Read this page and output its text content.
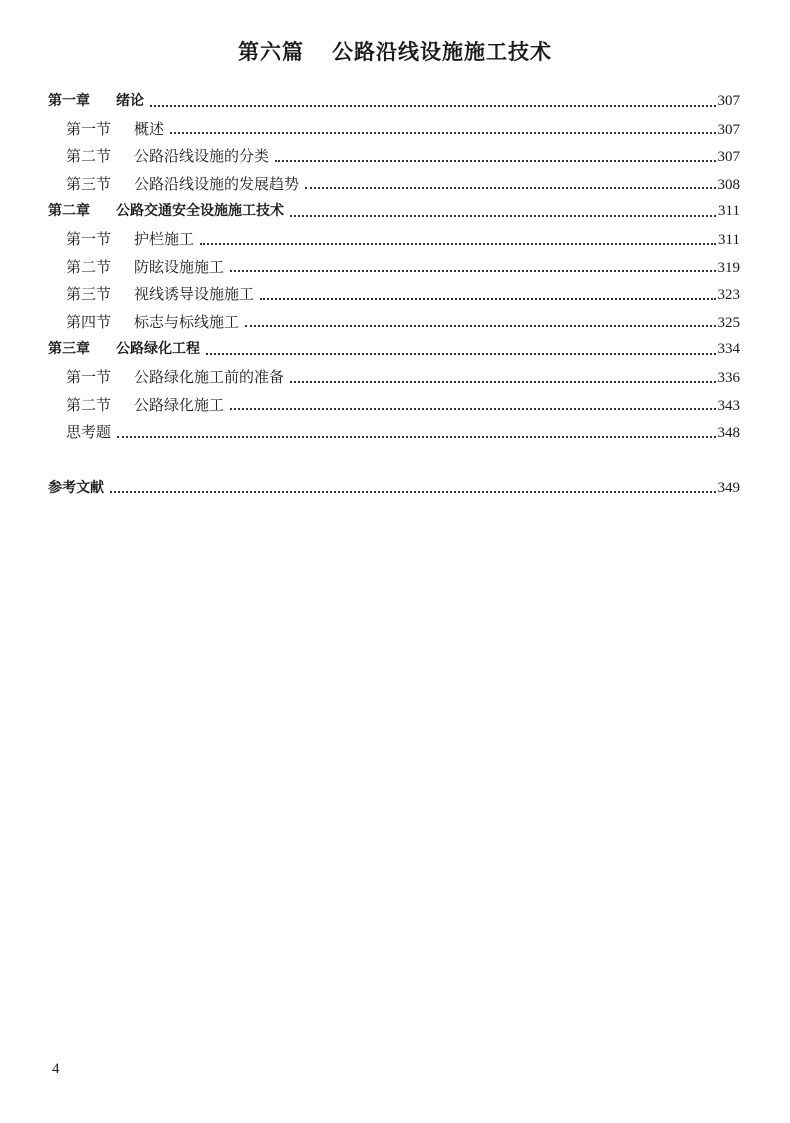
第六篇 公路沿线设施施工技术
第一章	绪论	307
第一节	概述	307
第二节	公路沿线设施的分类	307
第三节	公路沿线设施的发展趋势	308
第二章	公路交通安全设施施工技术	311
第一节	护栏施工	311
第二节	防眩设施施工	319
第三节	视线诱导设施施工	323
第四节	标志与标线施工	325
第三章	公路绿化工程	334
第一节	公路绿化施工前的准备	336
第二节	公路绿化施工	343
思考题	348
参考文献	349
4
